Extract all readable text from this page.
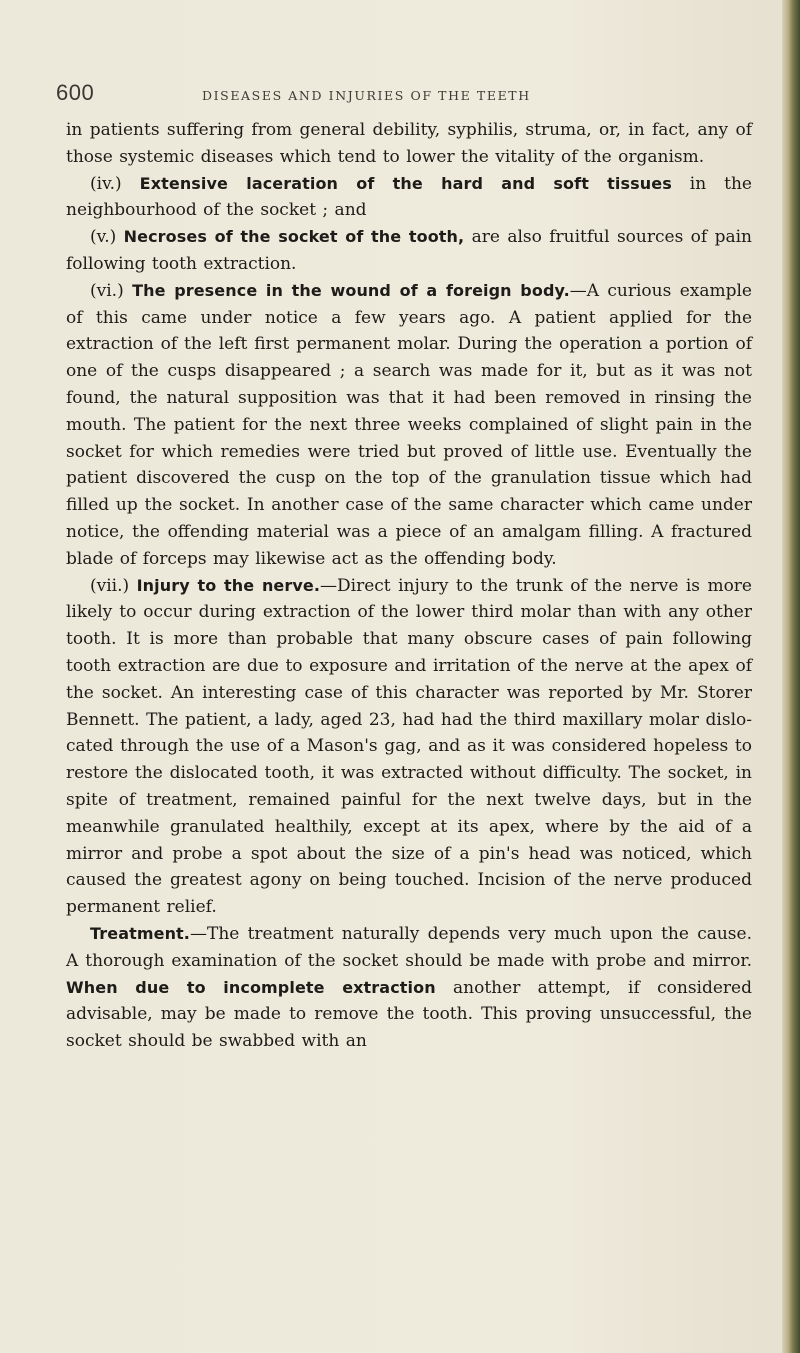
600	DISEASES AND INJURIES OF THE TEETH

in patients suffering from general debility, syphilis, struma, or, in fact, any of those systemic diseases which tend to lower the vitality of the organism.

(iv.) Extensive laceration of the hard and soft tissues in the neighbourhood of the socket ; and

(v.) Necroses of the socket of the tooth, are also fruitful sources of pain following tooth extraction.

(vi.) The presence in the wound of a foreign body.—A curious example of this came under notice a few years ago. A patient applied for the extraction of the left first permanent molar. During the operation a portion of one of the cusps disappeared ; a search was made for it, but as it was not found, the natural supposition was that it had been removed in rinsing the mouth. The patient for the next three weeks complained of slight pain in the socket for which remedies were tried but proved of little use. Eventually the patient discovered the cusp on the top of the granulation tissue which had filled up the socket. In another case of the same character which came under notice, the offending material was a piece of an amalgam filling. A fractured blade of forceps may likewise act as the offending body.

(vii.) Injury to the nerve.—Direct injury to the trunk of the nerve is more likely to occur during extraction of the lower third molar than with any other tooth. It is more than probable that many obscure cases of pain following tooth extraction are due to exposure and irritation of the nerve at the apex of the socket. An interesting case of this character was reported by Mr. Storer Bennett. The patient, a lady, aged 23, had had the third maxillary molar dislo-cated through the use of a Mason's gag, and as it was considered hopeless to restore the dislocated tooth, it was extracted without difficulty. The socket, in spite of treatment, remained painful for the next twelve days, but in the meanwhile granulated healthily, except at its apex, where by the aid of a mirror and probe a spot about the size of a pin's head was noticed, which caused the greatest agony on being touched. Incision of the nerve produced permanent relief.

Treatment.—The treatment naturally depends very much upon the cause. A thorough examination of the socket should be made with probe and mirror. When due to incomplete extraction another attempt, if considered advisable, may be made to remove the tooth. This proving unsuccessful, the socket should be swabbed with an
